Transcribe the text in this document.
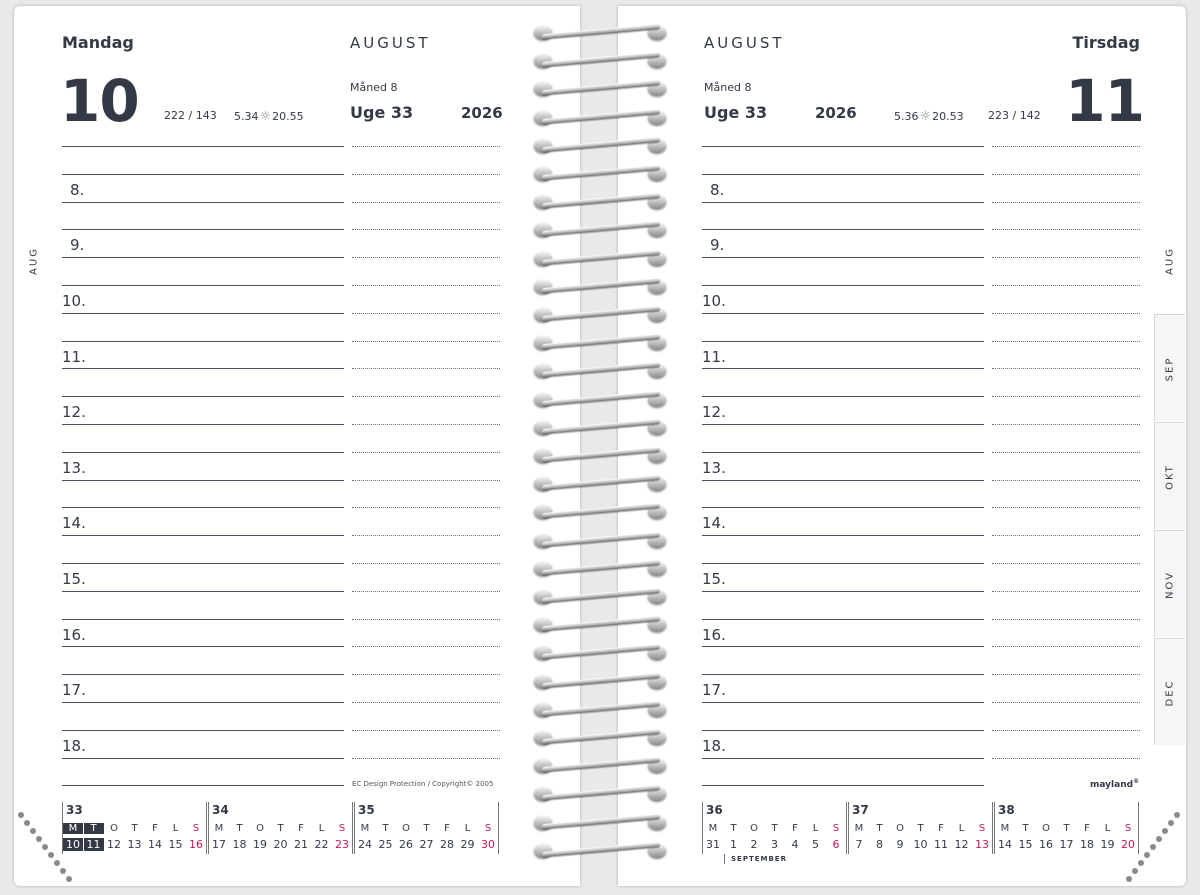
Mandag	AUGUST
10 222 / 143 5.34☼20.55
Måned 8
Uge 33	2026
8.
9.
10.
11.
12.
13.
14.
15.
16.
17.
18.
EC Design Protection / Copyright© 2005
AUG
33
M	T	O	T	F	L	S
10 11 12 13 14 15 16
34
M	T	O	T	F	L	S
17 18 19 20 21 22 23
35
M	T	O	T	F	L	S
24 25 26 27 28 29 30
AUGUST	Tirsdag
Måned 8
Uge 33	2026	5.36☼20.53 223 / 142 11
8.
9.
10.
11.
12.
13.
14.
15.
16.
17.
18.
mayland®
AUG
SEP
OKT
NOV
DEC
36
M	T	O	T	F	L	S
31 1	2	3	4	5	6
SEPTEMBER
37
M	T	O	T	F	L	S
7	8	9 10 11 12 13
38
M	T	O	T	F	L	S
14 15 16 17 18 19 20
